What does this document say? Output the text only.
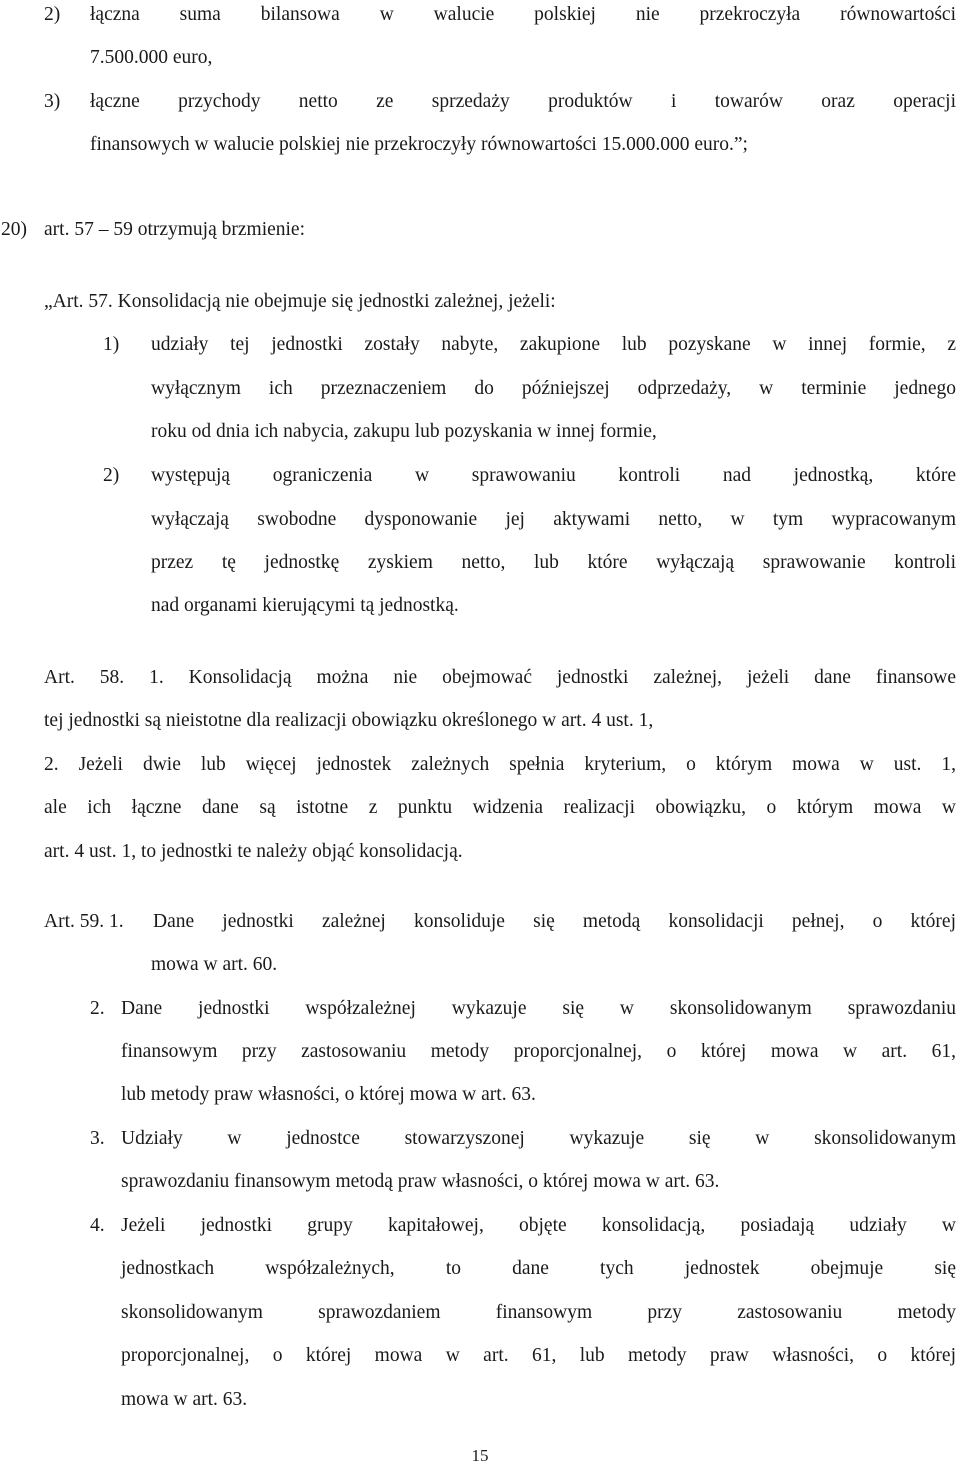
2) łączna suma bilansowa w walucie polskiej nie przekroczyła równowartości
7.500.000 euro,
3) łączne przychody netto ze sprzedaży produktów i towarów oraz operacji
finansowych w walucie polskiej nie przekroczyły równowartości 15.000.000 euro.”;
20) art. 57 – 59 otrzymują brzmienie:
„Art. 57. Konsolidacją nie obejmuje się jednostki zależnej, jeżeli:
1) udziały tej jednostki zostały nabyte, zakupione lub pozyskane w innej formie, z
wyłącznym ich przeznaczeniem do późniejszej odprzedaży, w terminie jednego
roku od dnia ich nabycia, zakupu lub pozyskania w innej formie,
2) występują ograniczenia w sprawowaniu kontroli nad jednostką, które
wyłączają swobodne dysponowanie jej aktywami netto, w tym wypracowanym
przez tę jednostkę zyskiem netto, lub które wyłączają sprawowanie kontroli
nad organami kierującymi tą jednostką.
Art. 58. 1. Konsolidacją można nie obejmować jednostki zależnej, jeżeli dane finansowe
tej jednostki są nieistotne dla realizacji obowiązku określonego w art. 4 ust. 1,
2. Jeżeli dwie lub więcej jednostek zależnych spełnia kryterium, o którym mowa w ust. 1,
ale ich łączne dane są istotne z punktu widzenia realizacji obowiązku, o którym mowa w
art. 4 ust. 1, to jednostki te należy objąć konsolidacją.
Art. 59. 1. Dane jednostki zależnej konsoliduje się metodą konsolidacji pełnej, o której
mowa w art. 60.
2. Dane jednostki współzależnej wykazuje się w skonsolidowanym sprawozdaniu
finansowym przy zastosowaniu metody proporcjonalnej, o której mowa w art. 61,
lub metody praw własności, o której mowa w art. 63.
3. Udziały w jednostce stowarzyszonej wykazuje się w skonsolidowanym
sprawozdaniu finansowym metodą praw własności, o której mowa w art. 63.
4. Jeżeli jednostki grupy kapitałowej, objęte konsolidacją, posiadają udziały w
jednostkach współzależnych, to dane tych jednostek obejmuje się
skonsolidowanym sprawozdaniem finansowym przy zastosowaniu metody
proporcjonalnej, o której mowa w art. 61, lub metody praw własności, o której
mowa w art. 63.
15
